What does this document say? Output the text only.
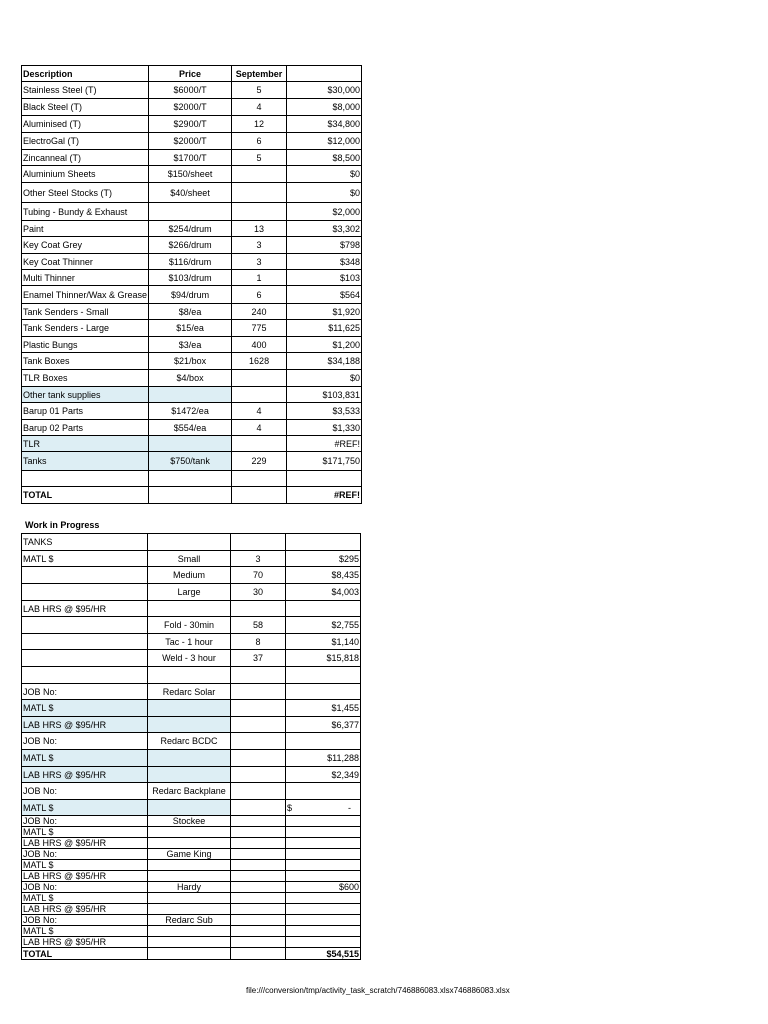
Description	Price	September	
Stainless Steel (T)	$6000/T	5	$30,000
Black Steel (T)	$2000/T	4	$8,000
Aluminised (T)	$2900/T	12	$34,800
ElectroGal (T)	$2000/T	6	$12,000
Zincanneal (T)	$1700/T	5	$8,500
Aluminium Sheets	$150/sheet		$0
Other Steel Stocks (T)	$40/sheet		$0
Tubing - Bundy & Exhaust			$2,000
Paint	$254/drum	13	$3,302
Key Coat Grey	$266/drum	3	$798
Key Coat Thinner	$116/drum	3	$348
Multi Thinner	$103/drum	1	$103
Enamel Thinner/Wax & Grease	$94/drum	6	$564
Tank Senders - Small	$8/ea	240	$1,920
Tank Senders - Large	$15/ea	775	$11,625
Plastic Bungs	$3/ea	400	$1,200
Tank Boxes	$21/box	1628	$34,188
TLR Boxes	$4/box		$0
Other tank supplies			$103,831
Barup 01 Parts	$1472/ea	4	$3,533
Barup 02 Parts	$554/ea	4	$1,330
TLR			#REF!
Tanks	$750/tank	229	$171,750

TOTAL			#REF!
Work in Progress
TANKS			
MATL $	Small	3	$295
	Medium	70	$8,435
	Large	30	$4,003
LAB HRS @ $95/HR			
	Fold - 30min	58	$2,755
	Tac - 1 hour	8	$1,140
	Weld - 3 hour	37	$15,818

JOB No:	Redarc Solar		
MATL $			$1,455
LAB HRS @ $95/HR			$6,377
JOB No:	Redarc BCDC		
MATL $			$11,288
LAB HRS @ $95/HR			$2,349
JOB No:	Redarc Backplane		
MATL $			$ -
JOB No:	Stockee		
MATL $			
LAB HRS @ $95/HR			
JOB No:	Game King		
MATL $			
LAB HRS @ $95/HR			
JOB No:	Hardy		$600
MATL $			
LAB HRS @ $95/HR			
JOB No:	Redarc Sub		
MATL $			
LAB HRS @ $95/HR			
TOTAL			$54,515
file:///conversion/tmp/activity_task_scratch/746886083.xlsx746886083.xlsx
